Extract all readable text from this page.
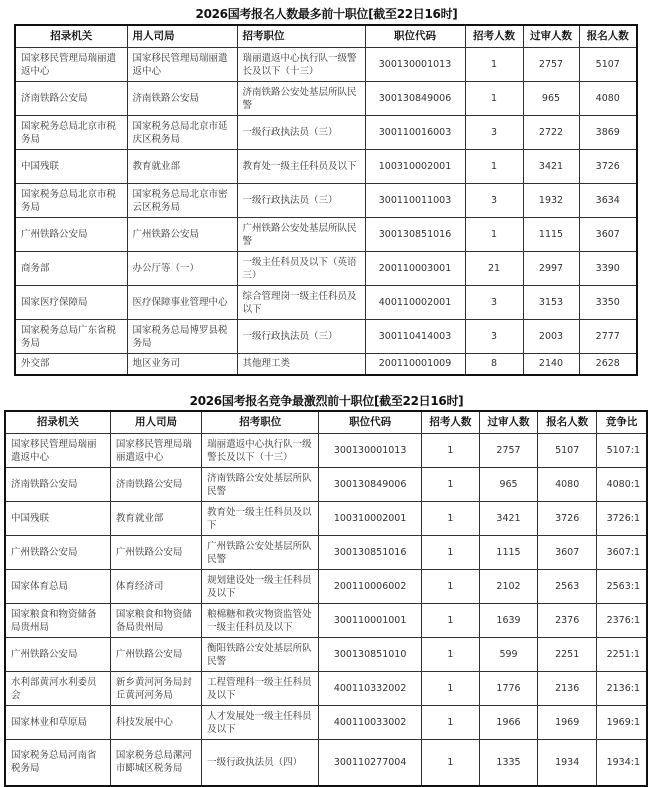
2026国考报名人数最多前十职位[截至22日16时]
招录机关	用人司局	招考职位	职位代码	招考人数	过审人数	报名人数
国家移民管理局瑞丽遣返中心	国家移民管理局瑞丽遣返中心	瑞丽遣返中心执行队一级警长及以下（十三）	300130001013	1	2757	5107
济南铁路公安局	济南铁路公安局	济南铁路公安处基层所队民警	300130849006	1	965	4080
国家税务总局北京市税务局	国家税务总局北京市延庆区税务局	一级行政执法员（三）	300110016003	3	2722	3869
中国残联	教育就业部	教育处一级主任科员及以下	100310002001	1	3421	3726
国家税务总局北京市税务局	国家税务总局北京市密云区税务局	一级行政执法员（三）	300110011003	3	1932	3634
广州铁路公安局	广州铁路公安局	广州铁路公安处基层所队民警	300130851016	1	1115	3607
商务部	办公厅等（一）	一级主任科员及以下（英语三）	200110003001	21	2997	3390
国家医疗保障局	医疗保障事业管理中心	综合管理岗一级主任科员及以下	400110002001	3	3153	3350
国家税务总局广东省税务局	国家税务总局博罗县税务局	一级行政执法员（三）	300110414003	3	2003	2777
外交部	地区业务司	其他理工类	200110001009	8	2140	2628
2026国考报名竞争最激烈前十职位[截至22日16时]
招录机关	用人司局	招考职位	职位代码	招考人数	过审人数	报名人数	竞争比
国家移民管理局瑞丽遣返中心	国家移民管理局瑞丽遣返中心	瑞丽遣返中心执行队一级警长及以下（十三）	300130001013	1	2757	5107	5107:1
济南铁路公安局	济南铁路公安局	济南铁路公安处基层所队民警	300130849006	1	965	4080	4080:1
中国残联	教育就业部	教育处一级主任科员及以下	100310002001	1	3421	3726	3726:1
广州铁路公安局	广州铁路公安局	广州铁路公安处基层所队民警	300130851016	1	1115	3607	3607:1
国家体育总局	体育经济司	规划建设处一级主任科员及以下	200110006002	1	2102	2563	2563:1
国家粮食和物资储备局贵州局	国家粮食和物资储备局贵州局	粮棉糖和救灾物资监管处一级主任科员及以下	300110001001	1	1639	2376	2376:1
广州铁路公安局	广州铁路公安局	衡阳铁路公安处基层所队民警	300130851010	1	599	2251	2251:1
水利部黄河水利委员会	新乡黄河河务局封丘黄河河务局	工程管理科一级主任科员及以下	400110332002	1	1776	2136	2136:1
国家林业和草原局	科技发展中心	人才发展处一级主任科员及以下	400110033002	1	1966	1969	1969:1
国家税务总局河南省税务局	国家税务总局漯河市郾城区税务局	一级行政执法员（四）	300110277004	1	1335	1934	1934:1
